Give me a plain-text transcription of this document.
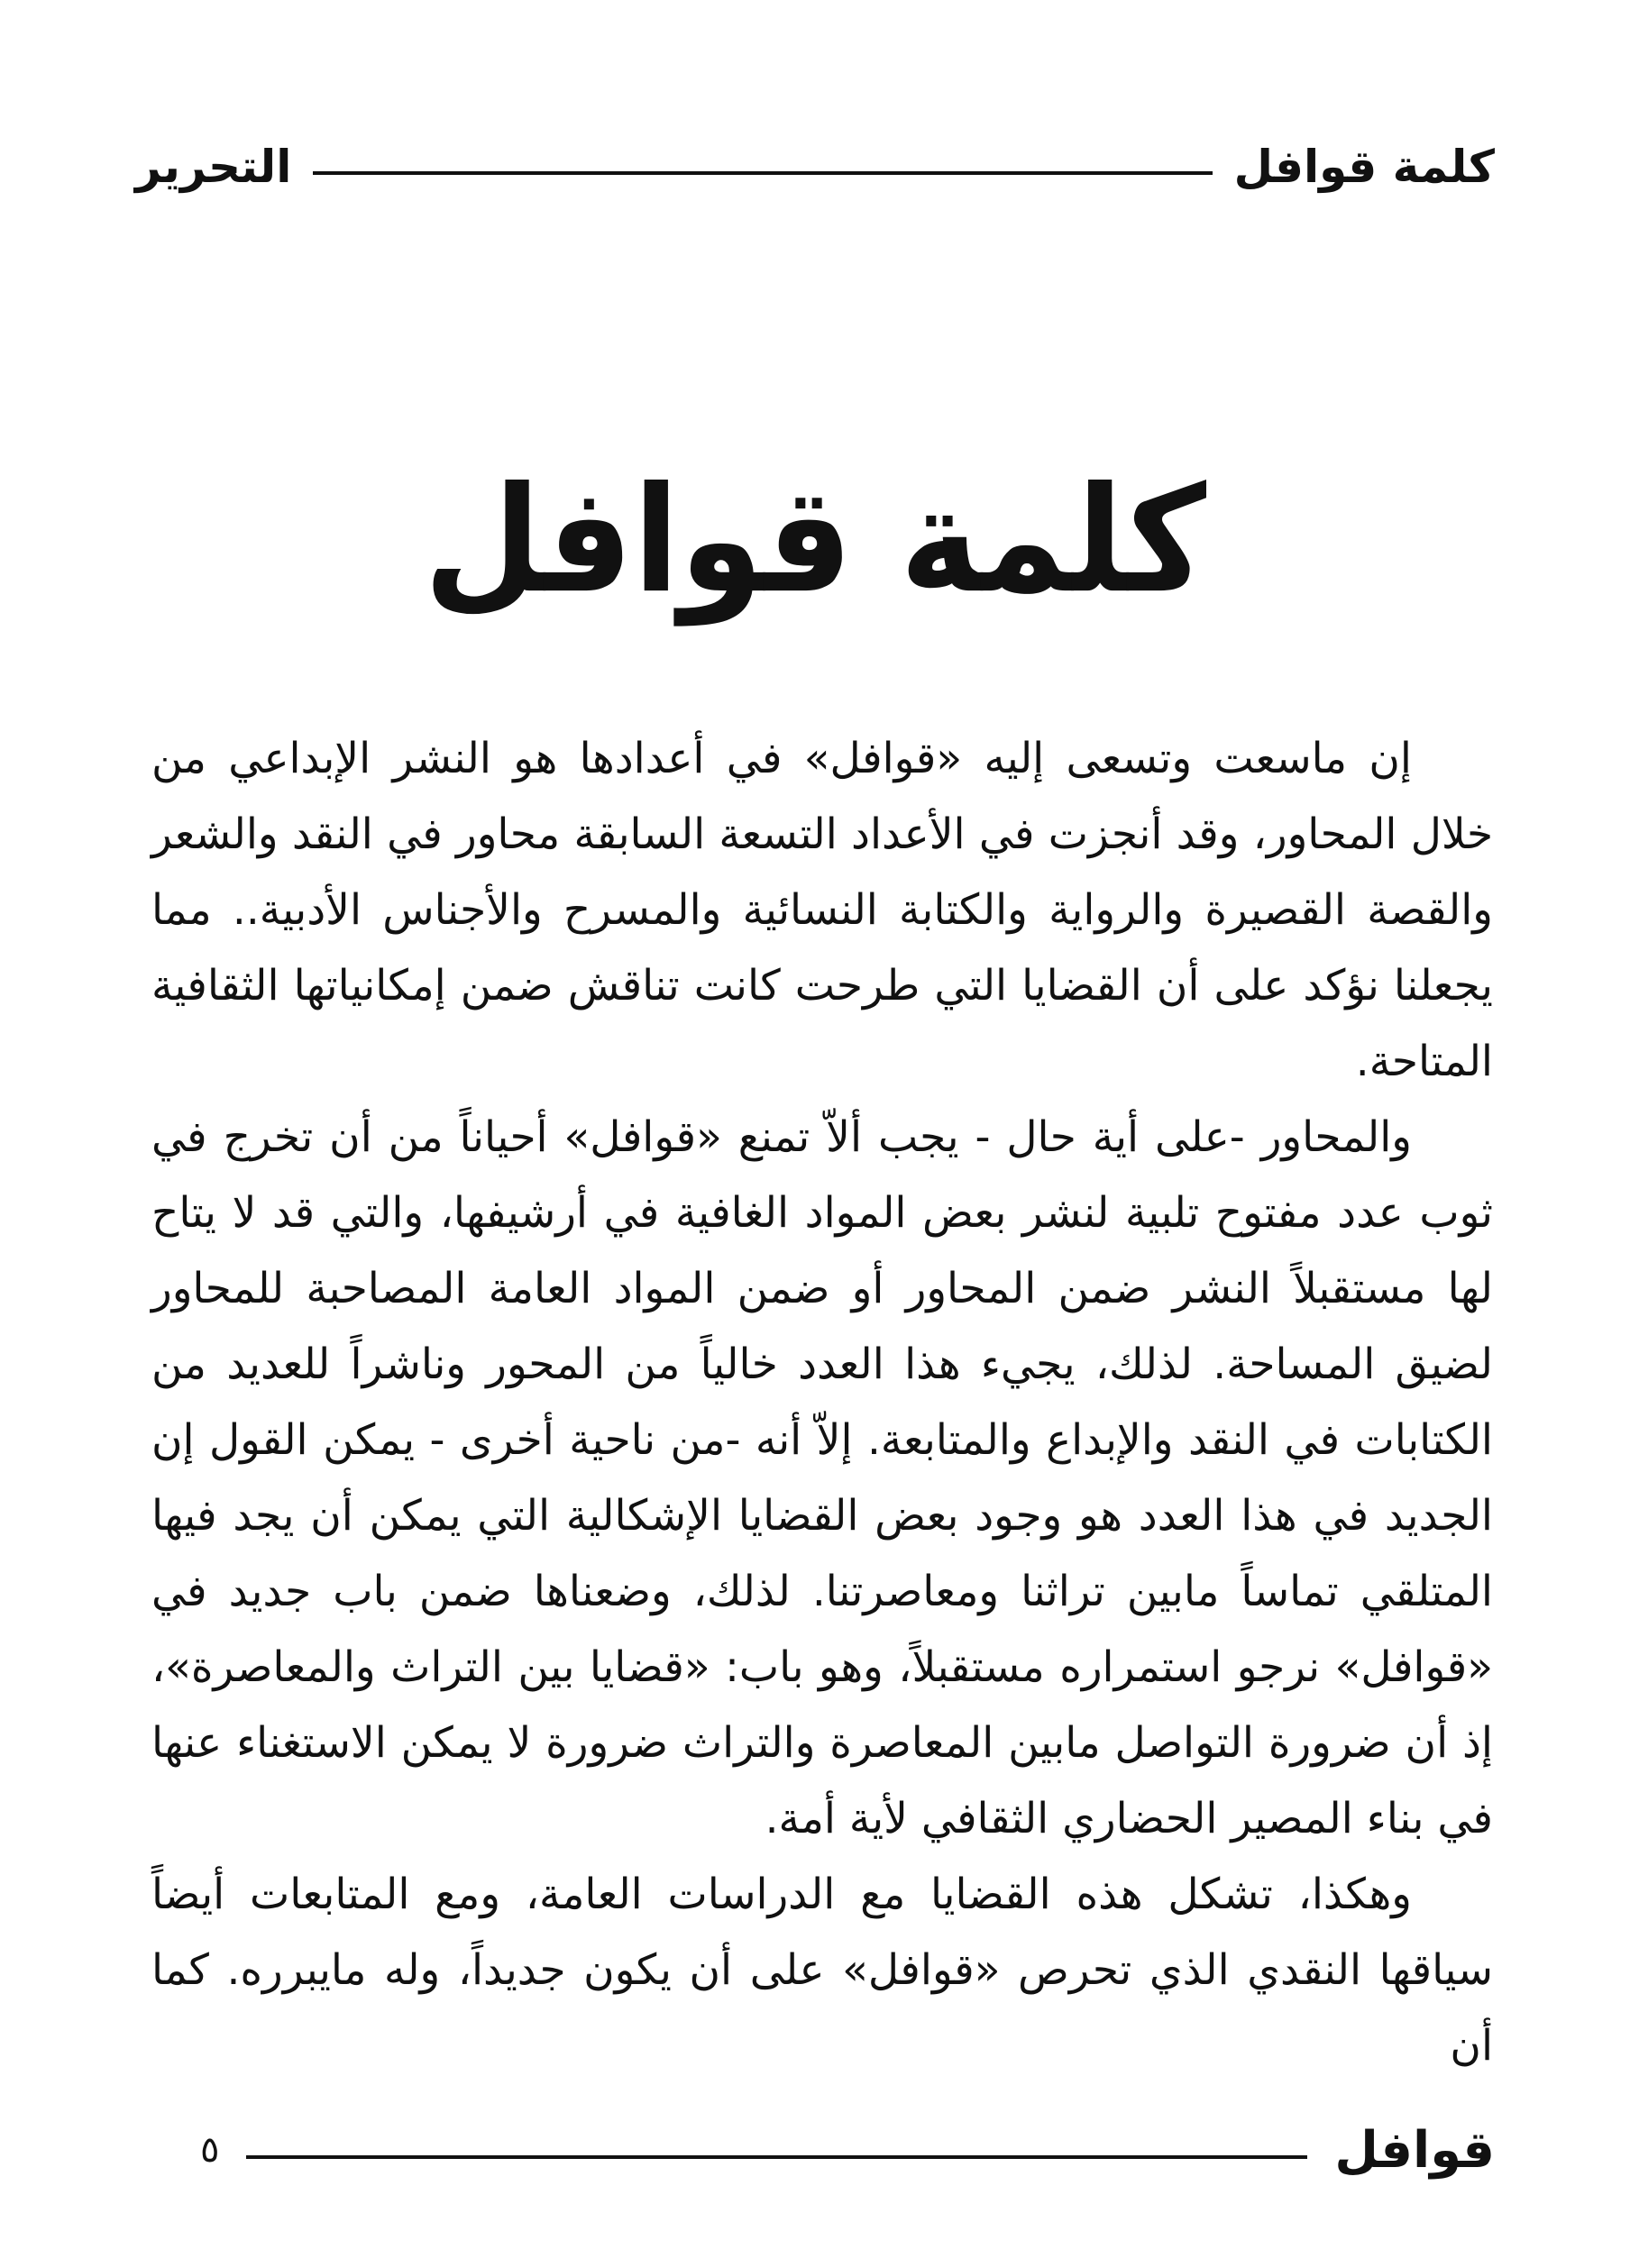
كلمة قوافل
التحرير
كلمة قوافل

إن ماسعت وتسعى إليه «قوافل» في أعدادها هو النشر الإبداعي من خلال المحاور، وقد أنجزت في الأعداد التسعة السابقة محاور في النقد والشعر والقصة القصيرة والرواية والكتابة النسائية والمسرح والأجناس الأدبية.. مما يجعلنا نؤكد على أن القضايا التي طرحت كانت تناقش ضمن إمكانياتها الثقافية المتاحة.

والمحاور -على أية حال - يجب ألاّ تمنع «قوافل» أحياناً من أن تخرج في ثوب عدد مفتوح تلبية لنشر بعض المواد الغافية في أرشيفها، والتي قد لا يتاح لها مستقبلاً النشر ضمن المحاور أو ضمن المواد العامة المصاحبة للمحاور لضيق المساحة. لذلك، يجيء هذا العدد خالياً من المحور وناشراً للعديد من الكتابات في النقد والإبداع والمتابعة. إلاّ أنه -من ناحية أخرى - يمكن القول إن الجديد في هذا العدد هو وجود بعض القضايا الإشكالية التي يمكن أن يجد فيها المتلقي تماساً مابين تراثنا ومعاصرتنا. لذلك، وضعناها ضمن باب جديد في «قوافل» نرجو استمراره مستقبلاً، وهو باب: «قضايا بين التراث والمعاصرة»، إذ أن ضرورة التواصل مابين المعاصرة والتراث ضرورة لا يمكن الاستغناء عنها في بناء المصير الحضاري الثقافي لأية أمة.

وهكذا، تشكل هذه القضايا مع الدراسات العامة، ومع المتابعات أيضاً سياقها النقدي الذي تحرص «قوافل» على أن يكون جديداً، وله مايبرره. كما أن

قوافل
٥
